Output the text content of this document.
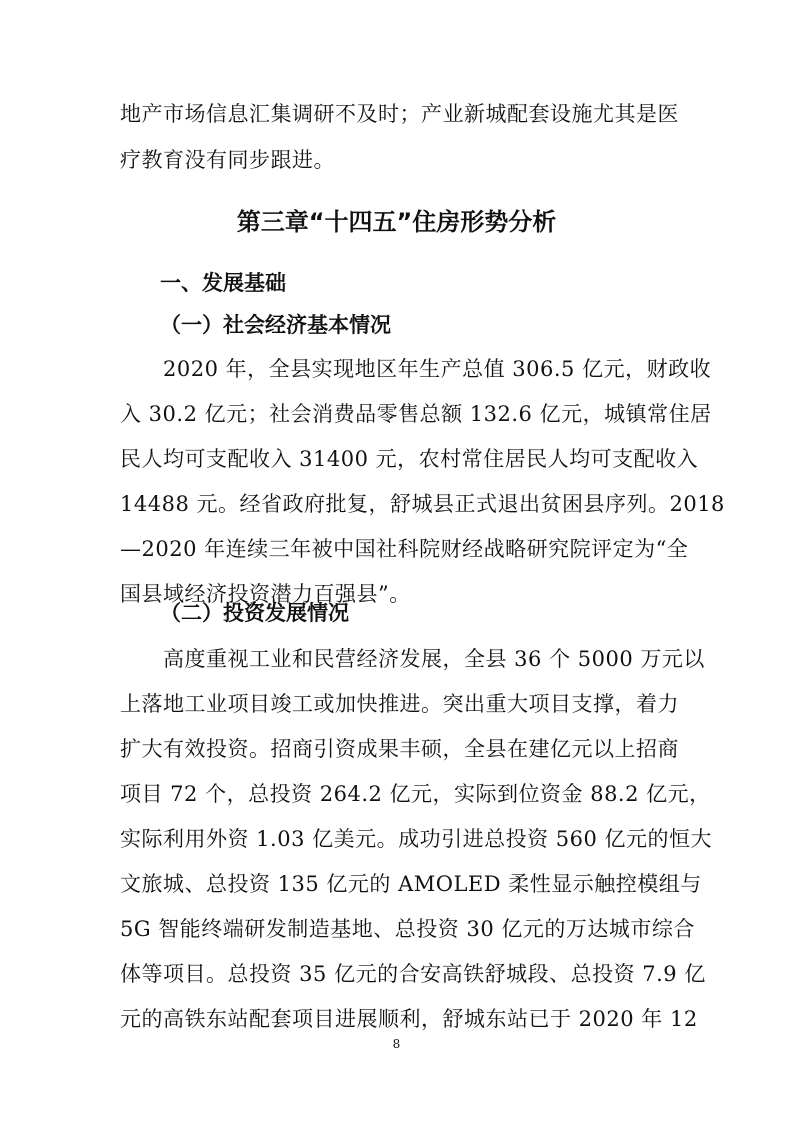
地产市场信息汇集调研不及时；产业新城配套设施尤其是医
疗教育没有同步跟进。
第三章“十四五”住房形势分析
一、发展基础
（一）社会经济基本情况
　　2020 年，全县实现地区年生产总值 306.5 亿元，财政收
入 30.2 亿元；社会消费品零售总额 132.6 亿元，城镇常住居
民人均可支配收入 31400 元，农村常住居民人均可支配收入
14488 元。经省政府批复，舒城县正式退出贫困县序列。2018
—2020 年连续三年被中国社科院财经战略研究院评定为“全
国县域经济投资潜力百强县”。
（二）投资发展情况
　　高度重视工业和民营经济发展，全县 36 个 5000 万元以
上落地工业项目竣工或加快推进。突出重大项目支撑，着力
扩大有效投资。招商引资成果丰硕，全县在建亿元以上招商
项目 72 个，总投资 264.2 亿元，实际到位资金 88.2 亿元，
实际利用外资 1.03 亿美元。成功引进总投资 560 亿元的恒大
文旅城、总投资 135 亿元的 AMOLED 柔性显示触控模组与
5G 智能终端研发制造基地、总投资 30 亿元的万达城市综合
体等项目。总投资 35 亿元的合安高铁舒城段、总投资 7.9 亿
元的高铁东站配套项目进展顺利，舒城东站已于 2020 年 12
8
